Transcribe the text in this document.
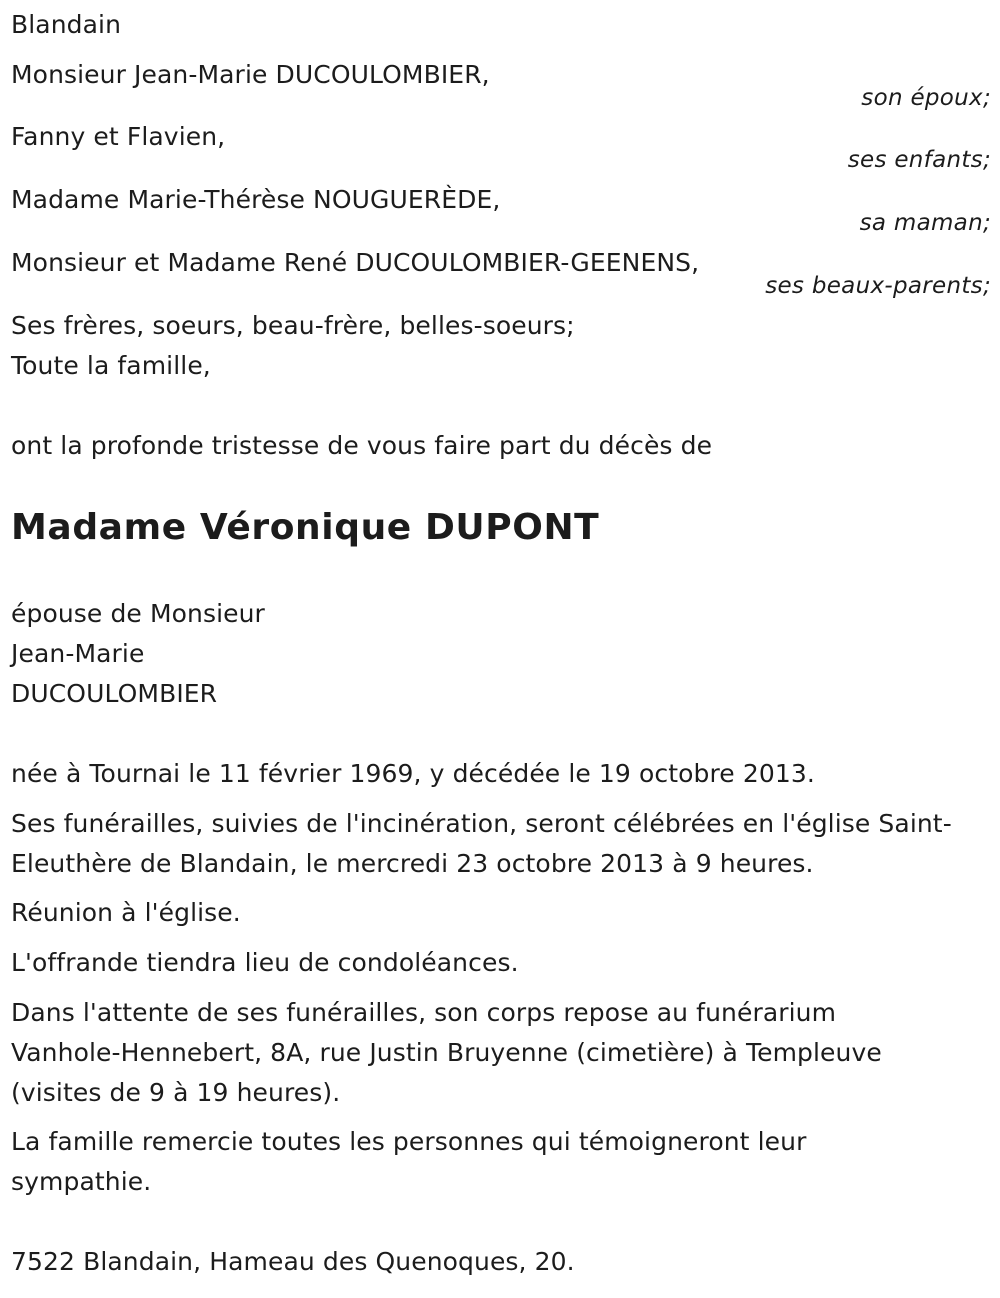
Blandain
Monsieur Jean-Marie DUCOULOMBIER,
son époux;
Fanny et Flavien,
ses enfants;
Madame Marie-Thérèse NOUGUERÈDE,
sa maman;
Monsieur et Madame René DUCOULOMBIER-GEENENS,
ses beaux-parents;
Ses frères, soeurs, beau-frère, belles-soeurs;
Toute la famille,
ont la profonde tristesse de vous faire part du décès de
Madame Véronique DUPONT
épouse de Monsieur
Jean-Marie
DUCOULOMBIER
née à Tournai le 11 février 1969, y décédée le 19 octobre 2013.
Ses funérailles, suivies de l'incinération, seront célébrées en l'église Saint-
Eleuthère de Blandain, le mercredi 23 octobre 2013 à 9 heures.
Réunion à l'église.
L'offrande tiendra lieu de condoléances.
Dans l'attente de ses funérailles, son corps repose au funérarium
Vanhole-Hennebert, 8A, rue Justin Bruyenne (cimetière) à Templeuve
(visites de 9 à 19 heures).
La famille remercie toutes les personnes qui témoigneront leur
sympathie.
7522 Blandain, Hameau des Quenoques, 20.
